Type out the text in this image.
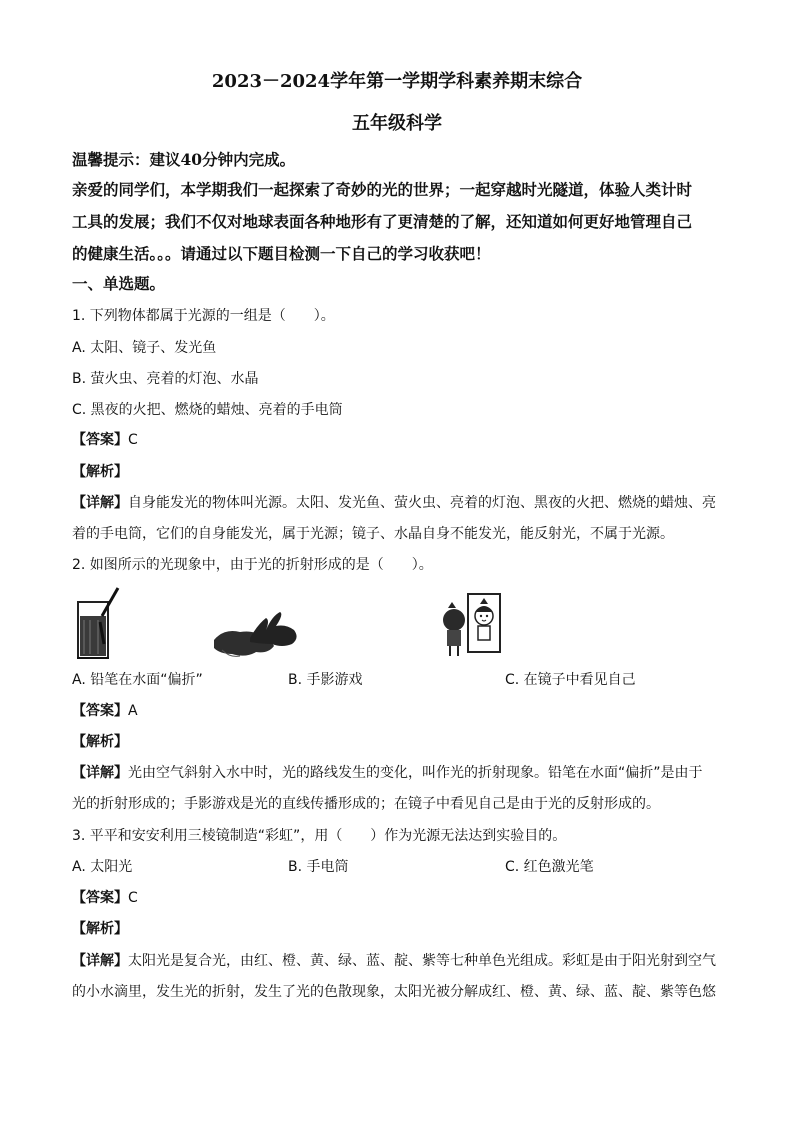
2023－2024学年第一学期学科素养期末综合
五年级科学
温馨提示：建议40分钟内完成。
亲爱的同学们，本学期我们一起探索了奇妙的光的世界；一起穿越时光隧道，体验人类计时
工具的发展；我们不仅对地球表面各种地形有了更清楚的了解，还知道如何更好地管理自己
的健康生活。。。请通过以下题目检测一下自己的学习收获吧！
一、单选题。
1. 下列物体都属于光源的一组是（　　）。
A. 太阳、镜子、发光鱼
B. 萤火虫、亮着的灯泡、水晶
C. 黑夜的火把、燃烧的蜡烛、亮着的手电筒
【答案】C
【解析】
【详解】自身能发光的物体叫光源。太阳、发光鱼、萤火虫、亮着的灯泡、黑夜的火把、燃烧的蜡烛、亮
着的手电筒，它们的自身能发光，属于光源；镜子、水晶自身不能发光，能反射光，不属于光源。
2. 如图所示的光现象中，由于光的折射形成的是（　　）。
A. 铅笔在水面“偏折”	B. 手影游戏	C. 在镜子中看见自己
【答案】A
【解析】
【详解】光由空气斜射入水中时，光的路线发生的变化，叫作光的折射现象。铅笔在水面“偏折”是由于
光的折射形成的；手影游戏是光的直线传播形成的；在镜子中看见自己是由于光的反射形成的。
3. 平平和安安利用三棱镜制造“彩虹”，用（　　）作为光源无法达到实验目的。
A. 太阳光	B. 手电筒	C. 红色激光笔
【答案】C
【解析】
【详解】太阳光是复合光，由红、橙、黄、绿、蓝、靛、紫等七种单色光组成。彩虹是由于阳光射到空气
的小水滴里，发生光的折射，发生了光的色散现象，太阳光被分解成红、橙、黄、绿、蓝、靛、紫等色悠
